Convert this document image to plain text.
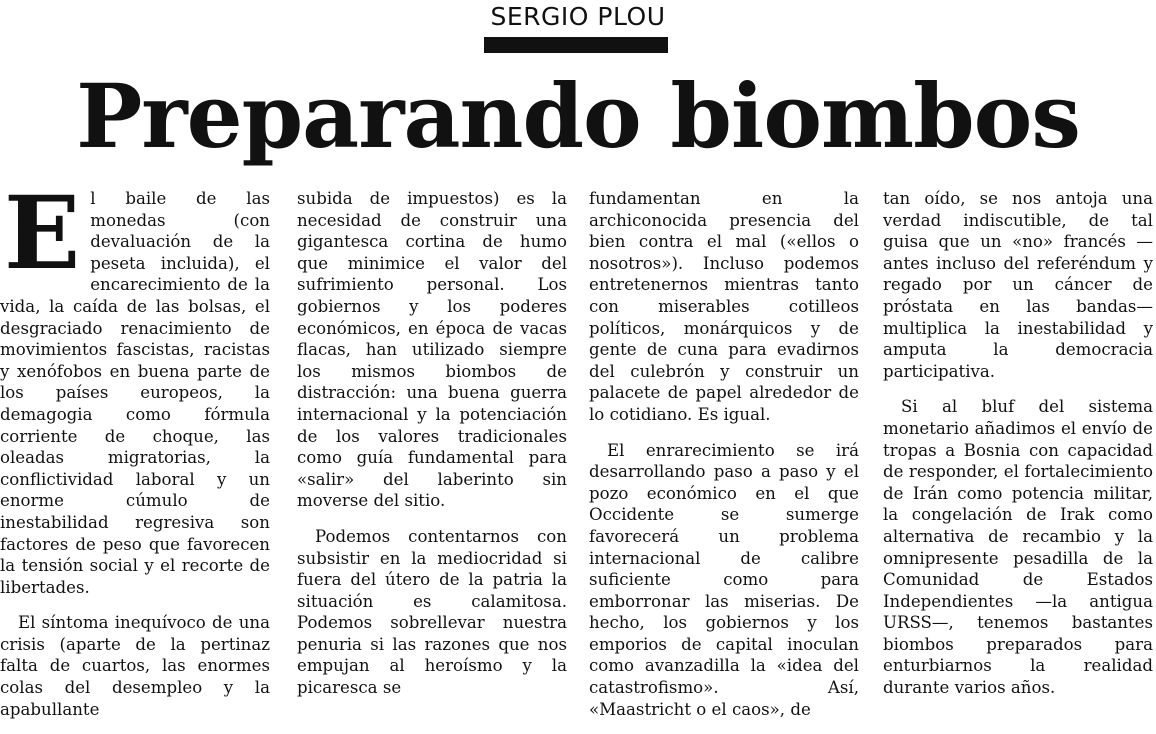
SERGIO PLOU
Preparando biombos

El baile de las monedas (con devaluación de la peseta incluida), el encarecimiento de la vida, la caída de las bolsas, el desgraciado renacimiento de movimientos fascistas, racistas y xenófobos en buena parte de los países europeos, la demagogia como fórmula corriente de choque, las oleadas migratorias, la conflictividad laboral y un enorme cúmulo de inestabilidad regresiva son factores de peso que favorecen la tensión social y el recorte de libertades.

El síntoma inequívoco de una crisis (aparte de la pertinaz falta de cuartos, las enormes colas del desempleo y la apabullante

subida de impuestos) es la necesidad de construir una gigantesca cortina de humo que minimice el valor del sufrimiento personal. Los gobiernos y los poderes económicos, en época de vacas flacas, han utilizado siempre los mismos biombos de distracción: una buena guerra internacional y la potenciación de los valores tradicionales como guía fundamental para «salir» del laberinto sin moverse del sitio.

Podemos contentarnos con subsistir en la mediocridad si fuera del útero de la patria la situación es calamitosa. Podemos sobrellevar nuestra penuria si las razones que nos empujan al heroísmo y la picaresca se

fundamentan en la archiconocida presencia del bien contra el mal («ellos o nosotros»). Incluso podemos entretenernos mientras tanto con miserables cotilleos políticos, monárquicos y de gente de cuna para evadirnos del culebrón y construir un palacete de papel alrededor de lo cotidiano. Es igual.

El enrarecimiento se irá desarrollando paso a paso y el pozo económico en el que Occidente se sumerge favorecerá un problema internacional de calibre suficiente como para emborronar las miserias. De hecho, los gobiernos y los emporios de capital inoculan como avanzadilla la «idea del catastrofismo». Así, «Maastricht o el caos», de

tan oído, se nos antoja una verdad indiscutible, de tal guisa que un «no» francés —antes incluso del referéndum y regado por un cáncer de próstata en las bandas— multiplica la inestabilidad y amputa la democracia participativa.

Si al bluf del sistema monetario añadimos el envío de tropas a Bosnia con capacidad de responder, el fortalecimiento de Irán como potencia militar, la congelación de Irak como alternativa de recambio y la omnipresente pesadilla de la Comunidad de Estados Independientes —la antigua URSS—, tenemos bastantes biombos preparados para enturbiarnos la realidad durante varios años.
